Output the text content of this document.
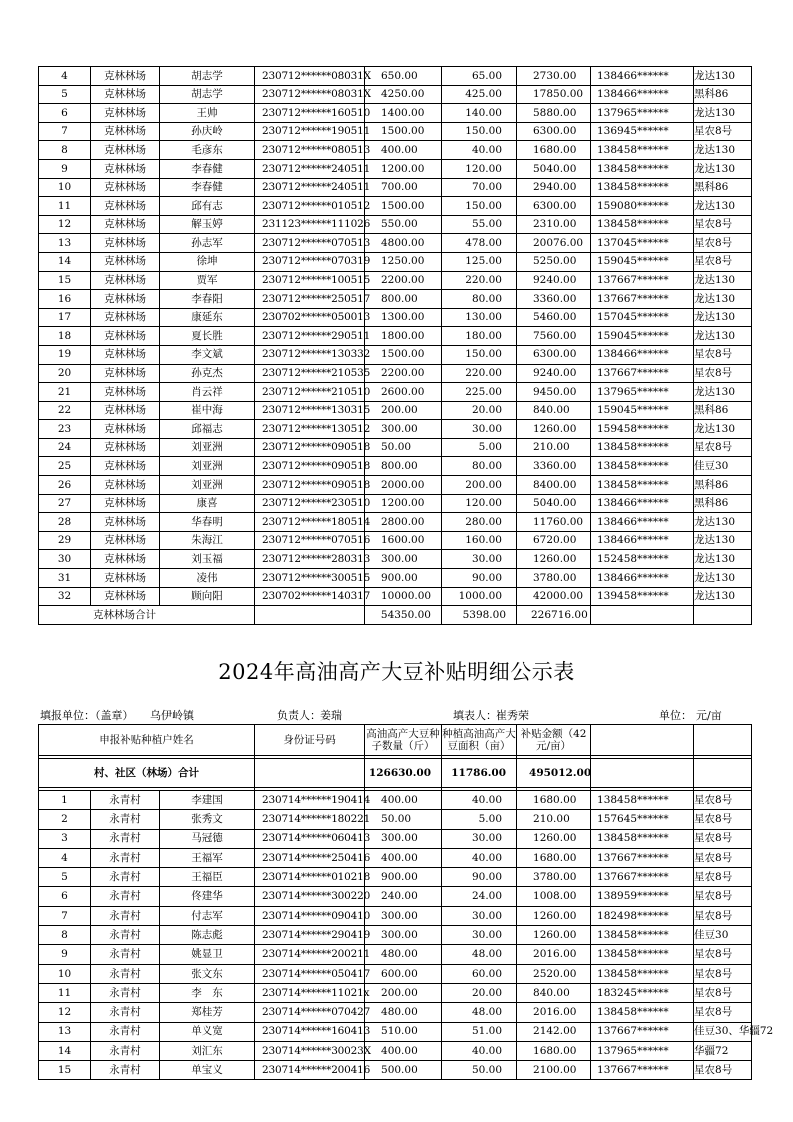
4	克林林场	胡志学	230712******08031X	650.00	65.00	2730.00	138466******	龙达130
5	克林林场	胡志学	230712******08031X	4250.00	425.00	17850.00	138466******	黑科86
6	克林林场	王帅	230712******160510	1400.00	140.00	5880.00	137965******	龙达130
7	克林林场	孙庆岭	230712******190511	1500.00	150.00	6300.00	136945******	星农8号
8	克林林场	毛彦东	230712******080513	400.00	40.00	1680.00	138458******	龙达130
9	克林林场	李春健	230712******240511	1200.00	120.00	5040.00	138458******	龙达130
10	克林林场	李春健	230712******240511	700.00	70.00	2940.00	138458******	黑科86
11	克林林场	邱有志	230712******010512	1500.00	150.00	6300.00	159080******	龙达130
12	克林林场	解玉婷	231123******111026	550.00	55.00	2310.00	138458******	星农8号
13	克林林场	孙志军	230712******070513	4800.00	478.00	20076.00	137045******	星农8号
14	克林林场	徐坤	230712******070319	1250.00	125.00	5250.00	159045******	星农8号
15	克林林场	贾军	230712******100515	2200.00	220.00	9240.00	137667******	龙达130
16	克林林场	李春阳	230712******250517	800.00	80.00	3360.00	137667******	龙达130
17	克林林场	康延东	230702******050013	1300.00	130.00	5460.00	157045******	龙达130
18	克林林场	夏长胜	230712******290511	1800.00	180.00	7560.00	159045******	龙达130
19	克林林场	李文斌	230712******130332	1500.00	150.00	6300.00	138466******	星农8号
20	克林林场	孙克杰	230712******210535	2200.00	220.00	9240.00	137667******	星农8号
21	克林林场	肖云祥	230712******210510	2600.00	225.00	9450.00	137965******	龙达130
22	克林林场	崔中海	230712******130315	200.00	20.00	840.00	159045******	黑科86
23	克林林场	邱福志	230712******130512	300.00	30.00	1260.00	159458******	龙达130
24	克林林场	刘亚洲	230712******090518	50.00	5.00	210.00	138458******	星农8号
25	克林林场	刘亚洲	230712******090518	800.00	80.00	3360.00	138458******	佳豆30
26	克林林场	刘亚洲	230712******090518	2000.00	200.00	8400.00	138458******	黑科86
27	克林林场	康喜	230712******230510	1200.00	120.00	5040.00	138466******	黑科86
28	克林林场	华春明	230712******180514	2800.00	280.00	11760.00	138466******	龙达130
29	克林林场	朱海江	230712******070516	1600.00	160.00	6720.00	138466******	龙达130
30	克林林场	刘玉福	230712******280313	300.00	30.00	1260.00	152458******	龙达130
31	克林林场	凌伟	230712******300515	900.00	90.00	3780.00	138466******	龙达130
32	克林林场	顾向阳	230702******140317	10000.00	1000.00	42000.00	139458******	龙达130
克林林场合计				54350.00	5398.00	226716.00		
2024年高油高产大豆补贴明细公示表
填报单位：（盖章） 乌伊岭镇	负责人： 姜瑞	填表人： 崔秀荣	单位： 元/亩
申报补贴种植户姓名			身份证号码	高油高产大豆种子数量（斤）	种植高油高产大豆面积（亩）	补贴金额（42元/亩）		

村、社区（林场）合计				126630.00	11786.00	495012.00		

1	永青村	李建国	230714******190414	400.00	40.00	1680.00	138458******	星农8号
2	永青村	张秀文	230714******180221	50.00	5.00	210.00	157645******	星农8号
3	永青村	马冠德	230714******060413	300.00	30.00	1260.00	138458******	星农8号
4	永青村	王福军	230714******250416	400.00	40.00	1680.00	137667******	星农8号
5	永青村	王福臣	230714******010218	900.00	90.00	3780.00	137667******	星农8号
6	永青村	佟建华	230714******300220	240.00	24.00	1008.00	138959******	星农8号
7	永青村	付志军	230714******090410	300.00	30.00	1260.00	182498******	星农8号
8	永青村	陈志彪	230714******290419	300.00	30.00	1260.00	138458******	佳豆30
9	永青村	姚显卫	230714******200211	480.00	48.00	2016.00	138458******	星农8号
10	永青村	张文东	230714******050417	600.00	60.00	2520.00	138458******	星农8号
11	永青村	李　东	230714******11021x	200.00	20.00	840.00	183245******	星农8号
12	永青村	郑桂芳	230714******070427	480.00	48.00	2016.00	138458******	星农8号
13	永青村	单义宽	230714******160413	510.00	51.00	2142.00	137667******	佳豆30、华疆72
14	永青村	刘汇东	230714******30023X	400.00	40.00	1680.00	137965******	华疆72
15	永青村	单宝义	230714******200416	500.00	50.00	2100.00	137667******	星农8号
